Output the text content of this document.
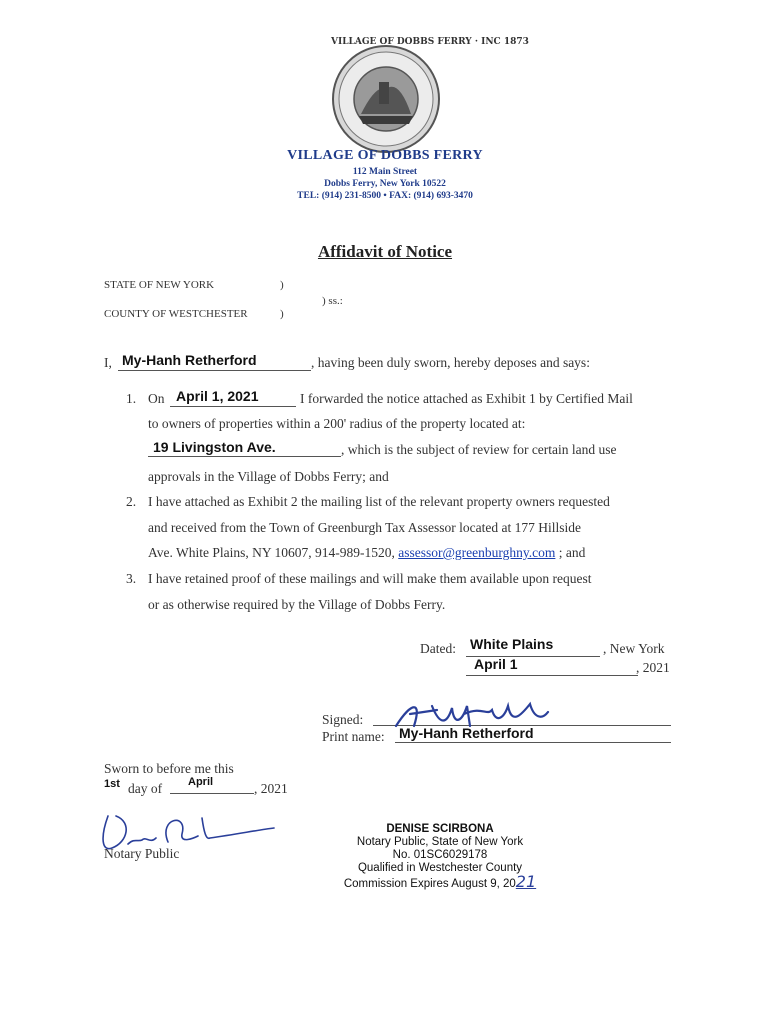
VILLAGE OF DOBBS FERRY · INC 1873
VILLAGE OF DOBBS FERRY
112 Main Street
Dobbs Ferry, New York 10522
TEL: (914) 231-8500 • FAX: (914) 693-3470
Affidavit of Notice
STATE OF NEW YORK	)
) ss.:
COUNTY OF WESTCHESTER	)
I, My-Hanh Retherford	, having been duly sworn, hereby deposes and says:
1. On April 1, 2021	I forwarded the notice attached as Exhibit 1 by Certified Mail
to owners of properties within a 200' radius of the property located at:
19 Livingston Ave.	, which is the subject of review for certain land use
approvals in the Village of Dobbs Ferry; and
2. I have attached as Exhibit 2 the mailing list of the relevant property owners requested
and received from the Town of Greenburgh Tax Assessor located at 177 Hillside
Ave. White Plains, NY 10607, 914-989-1520, assessor@greenburghny.com ; and
3. I have retained proof of these mailings and will make them available upon request
or as otherwise required by the Village of Dobbs Ferry.
Dated: White Plains	, New York
April 1	, 2021
Signed:
Print name: My-Hanh Retherford
Sworn to before me this
1st day of April	, 2021
Notary Public
DENISE SCIRBONA
Notary Public, State of New York
No. 01SC6029178
Qualified in Westchester County
Commission Expires August 9, 2021
